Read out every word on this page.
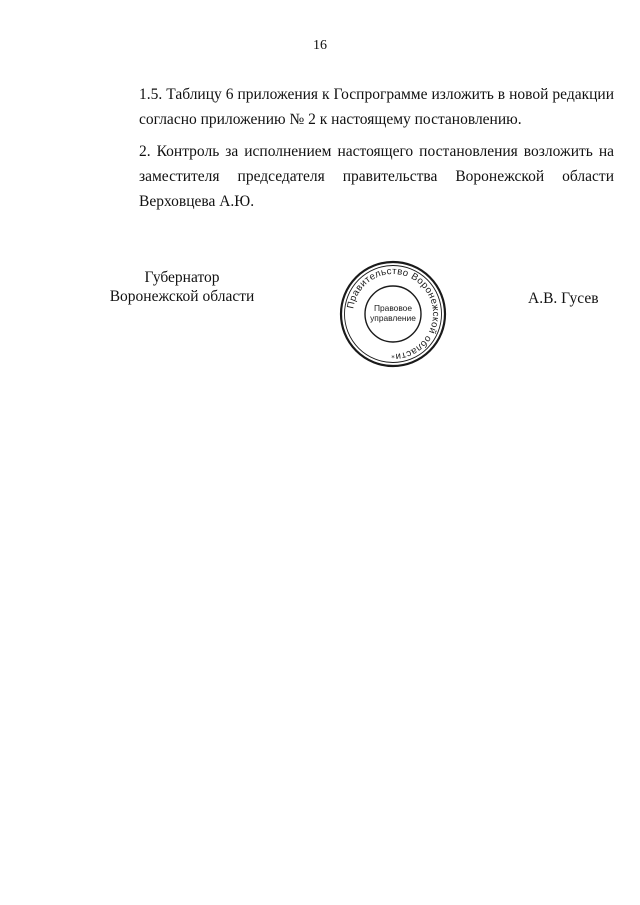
16

1.5. Таблицу 6 приложения к Госпрограмме изложить в новой редакции
согласно приложению № 2 к настоящему постановлению.

2. Контроль за исполнением настоящего постановления возложить на
заместителя председателя правительства Воронежской области
Верховцева А.Ю.

Губернатор
Воронежской области	Правительство Воронежской области
Правовое
управление
*
А.В. Гусев
